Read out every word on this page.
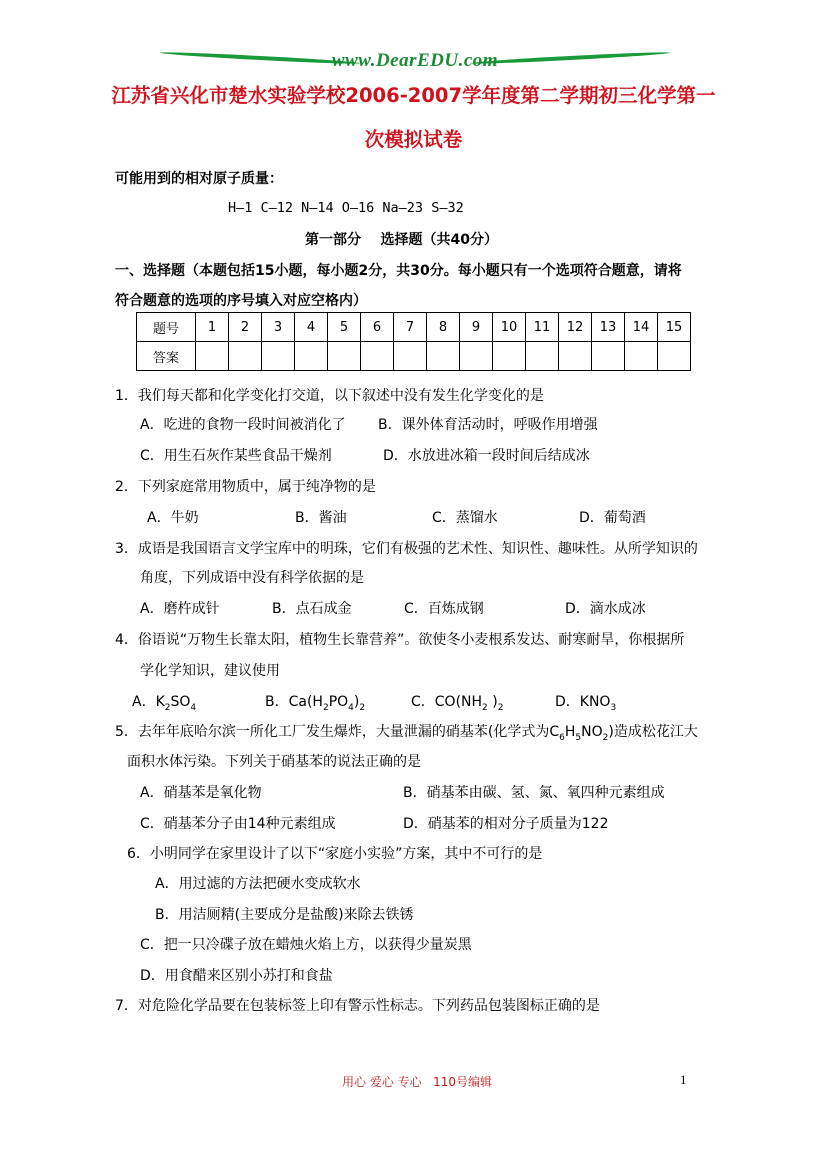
www.DearEDU.com
江苏省兴化市楚水实验学校2006-2007学年度第二学期初三化学第一
次模拟试卷
可能用到的相对原子质量：
H—1 C—12 N—14 O—16 Na—23 S—32
第一部分    选择题（共40分）
一、选择题（本题包括15小题，每小题2分，共30分。每小题只有一个选项符合题意，请将
符合题意的选项的序号填入对应空格内）
题号	1	2	3	4	5	6	7	8	9	10	11	12	13	14	15
答案															
1．我们每天都和化学变化打交道，以下叙述中没有发生化学变化的是
A．吃进的食物一段时间被消化了 B．课外体育活动时，呼吸作用增强
C．用生石灰作某些食品干燥剂	D．水放进冰箱一段时间后结成冰
2．下列家庭常用物质中，属于纯净物的是
A．牛奶	B．酱油	C．蒸馏水	D．葡萄酒
3．成语是我国语言文学宝库中的明珠，它们有极强的艺术性、知识性、趣味性。从所学知识的
角度，下列成语中没有科学依据的是
A．磨杵成针	B．点石成金	C．百炼成钢	D．滴水成冰
4．俗语说“万物生长靠太阳，植物生长靠营养”。欲使冬小麦根系发达、耐寒耐旱，你根据所
学化学知识，建议使用
A．$K_2SO_4$	B．$Ca(H_2PO_4)_2$	C．$CO(NH_2$ )$_2$	D．$KNO_3$
5．去年年底哈尔滨一所化工厂发生爆炸，大量泄漏的硝基苯(化学式为$C_6H_5NO_2$)造成松花江大
面积水体污染。下列关于硝基苯的说法正确的是
A．硝基苯是氧化物	B．硝基苯由碳、氢、氮、氧四种元素组成
C．硝基苯分子由14种元素组成	D．硝基苯的相对分子质量为122
6．小明同学在家里设计了以下“家庭小实验”方案，其中不可行的是
A．用过滤的方法把硬水变成软水
B．用洁厕精(主要成分是盐酸)来除去铁锈
C．把一只冷碟子放在蜡烛火焰上方，以获得少量炭黑
D．用食醋来区别小苏打和食盐
7．对危险化学品要在包装标签上印有警示性标志。下列药品包装图标正确的是
用心 爱心 专心   110号编辑	1
